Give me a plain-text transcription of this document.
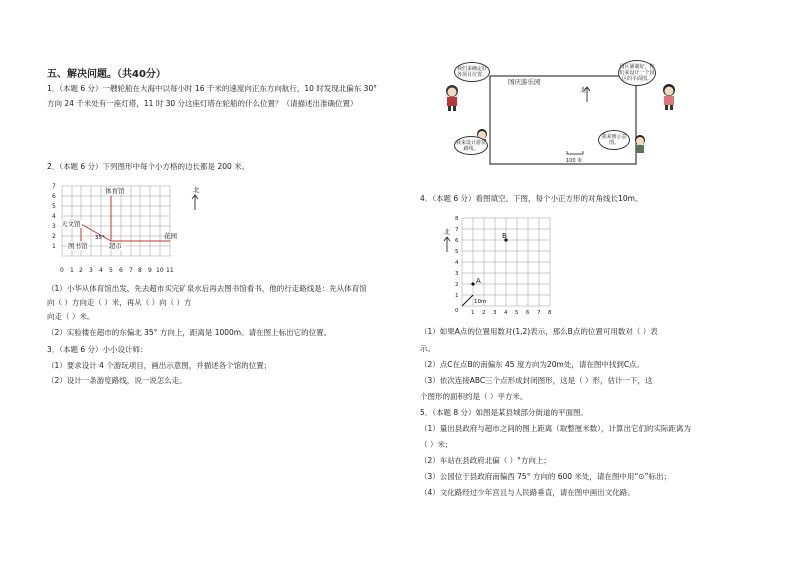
五、解决问题。（共40分）
1．（本题 6 分）一艘轮船在大海中以每小时 16 千米的速度向正东方向航行，10 时发现北偏东 30°
方向 24 千米处有一座灯塔，11 时 30 分这座灯塔在轮船的什么位置？（请描述出准确位置）
2．（本题 6 分）下列图形中每个小方格的边长都是 200 米。
7
6
5
4
3
2
1
0 1 2 3 4 5 6 7 8 9 10 11
体育馆
天文馆
图书馆	超市
花园
35°
北
（1）小华从体育馆出发，先去超市买完矿泉水后再去图书馆看书，他的行走路线是：先从体育馆
向（ ）方向走（ ）米，再从（ ）向（ ）方
向走（ ）米。
（2）实验楼在超市的东偏北 35° 方向上，距离是 1000m。请在图上标出它的位置。
3．（本题 6 分）小小设计师：
（1）要求设计 4 个游玩项目，画出示意图，并描述各个馆的位置；
（2）设计一条游览路线，说一说怎么走。
国庆游乐园
北
100 米
我们来确定好各项目位置。
园区铺制好，你们来设计一个园区的平面图。
我来设计游玩路线。
我来画示意图。
4．（本题 6 分）看图填空。下图，每个小正方形的对角线长10m。
8
7
6
5
4
3
2
1
0 1 2 3 4 5 6 7 8
A
B
10m
北
（1）如果A点的位置用数对(1,2)表示，那么B点的位置可用数对（ ）表
示。
（2）点C在点B的南偏东 45 度方向为20m处，请在图中找到C点。
（3）依次连接ABC三个点形成封闭图形，这是（ ）形，估计一下，这
个图形的面积约是（ ）平方米。
5．（本题 8 分）如图是某县城部分街道的平面图。
（1）量出县政府与超市之间的图上距离（取整厘米数），计算出它们的实际距离为
（ ）米；
（2）车站在县政府北偏（ ）°方向上；
（3）公园位于县政府南偏西 75° 方向的 600 米处，请在图中用“⊙”标出；
（4）文化路经过少年宫且与人民路垂直，请在图中画出文化路。
